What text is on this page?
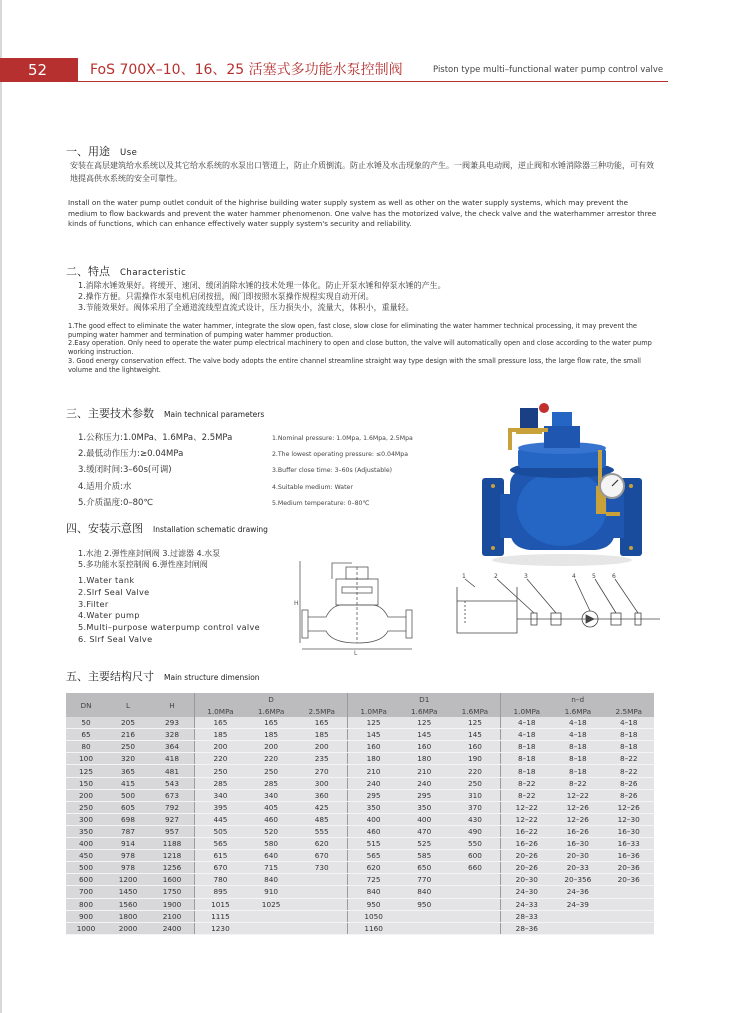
52	FoS 700X–10、16、25 活塞式多功能水泵控制阀	Piston type multi–functional water pump control valve
一、用途 Use
安装在高层建筑给水系统以及其它给水系统的水泵出口管道上，防止介质倒流。防止水锤及水击现象的产生。一阀兼具电动阀，逆止阀和水锤消除器三种功能，可有效地提高供水系统的安全可靠性。
Install on the water pump outlet conduit of the highrise building water supply system as well as other on the water supply systems, which may prevent the medium to flow backwards and prevent the water hammer phenomenon. One valve has the motorized valve, the check valve and the waterhammer arrestor three kinds of functions, which can enhance effectively water supply system's security and reliability.
二、特点 Characteristic

1.消除水锤效果好。将缓开、速闭、缓闭消除水锤的技术处理一体化。防止开泵水锤和停泵水锤的产生。

2.操作方便。只需操作水泵电机启闭按扭，阀门即按照水泵操作规程实现自动开闭。

3.节能效果好。阀体采用了全通道流线型直流式设计，压力损失小，流量大，体积小，重量轻。

1.The good effect to eliminate the water hammer, integrate the slow open, fast close, slow close for eliminating the water hammer technical processing, it may prevent the pumping water hammer and termination of pumping water hammer production.

2.Easy operation. Only need to operate the water pump electrical machinery to open and close button, the valve will automatically open and close according to the water pump working instruction.

3. Good energy conservation effect. The valve body adopts the entire channel streamline straight way type design with the small pressure loss, the large flow rate, the small volume and the lightweight.

三、主要技术参数 Main technical parameters

1.公称压力:1.0MPa、1.6MPa、2.5MPa

2.最低动作压力:≥0.04MPa

3.缓闭时间:3–60s(可调)

4.适用介质:水

5.介质温度:0–80℃

1.Nominal pressure: 1.0Mpa, 1.6Mpa, 2.5Mpa

2.The lowest operating pressure: ≤0.04Mpa

3.Buffer close time: 3–60s (Adjustable)

4.Suitable medium: Water

5.Medium temperature: 0–80℃

四、安装示意图 Installation schematic drawing

1.水池 2.弹性座封闸阀 3.过滤器 4.水泵

5.多功能水泵控制阀 6.弹性座封闸阀

1.Water tank

2.Slrf Seal Valve

3.Filter

4.Water pump

5.Multi–purpose waterpump control valve

6. Slrf Seal Valve

H
L
1	2	3	4	5	6
五、主要结构尺寸 Main structure dimension
DN	L	H	D			D1			n–d		
			1.0MPa	1.6MPa	2.5MPa	1.0MPa	1.6MPa	1.6MPa	1.0MPa	1.6MPa	2.5MPa
50	205	293	165	165	165	125	125	125	4–18	4–18	4–18
65	216	328	185	185	185	145	145	145	4–18	4–18	8–18
80	250	364	200	200	200	160	160	160	8–18	8–18	8–18
100	320	418	220	220	235	180	180	190	8–18	8–18	8–22
125	365	481	250	250	270	210	210	220	8–18	8–18	8–22
150	415	543	285	285	300	240	240	250	8–22	8–22	8–26
200	500	673	340	340	360	295	295	310	8–22	12–22	8–26
250	605	792	395	405	425	350	350	370	12–22	12–26	12–26
300	698	927	445	460	485	400	400	430	12–22	12–26	12–30
350	787	957	505	520	555	460	470	490	16–22	16–26	16–30
400	914	1188	565	580	620	515	525	550	16–26	16–30	16–33
450	978	1218	615	640	670	565	585	600	20–26	20–30	16–36
500	978	1256	670	715	730	620	650	660	20–26	20–33	20–36
600	1200	1600	780	840		725	770		20–30	20–356	20–36
700	1450	1750	895	910		840	840		24–30	24–36	
800	1560	1900	1015	1025		950	950		24–33	24–39	
900	1800	2100	1115			1050			28–33		
1000	2000	2400	1230			1160			28–36		
